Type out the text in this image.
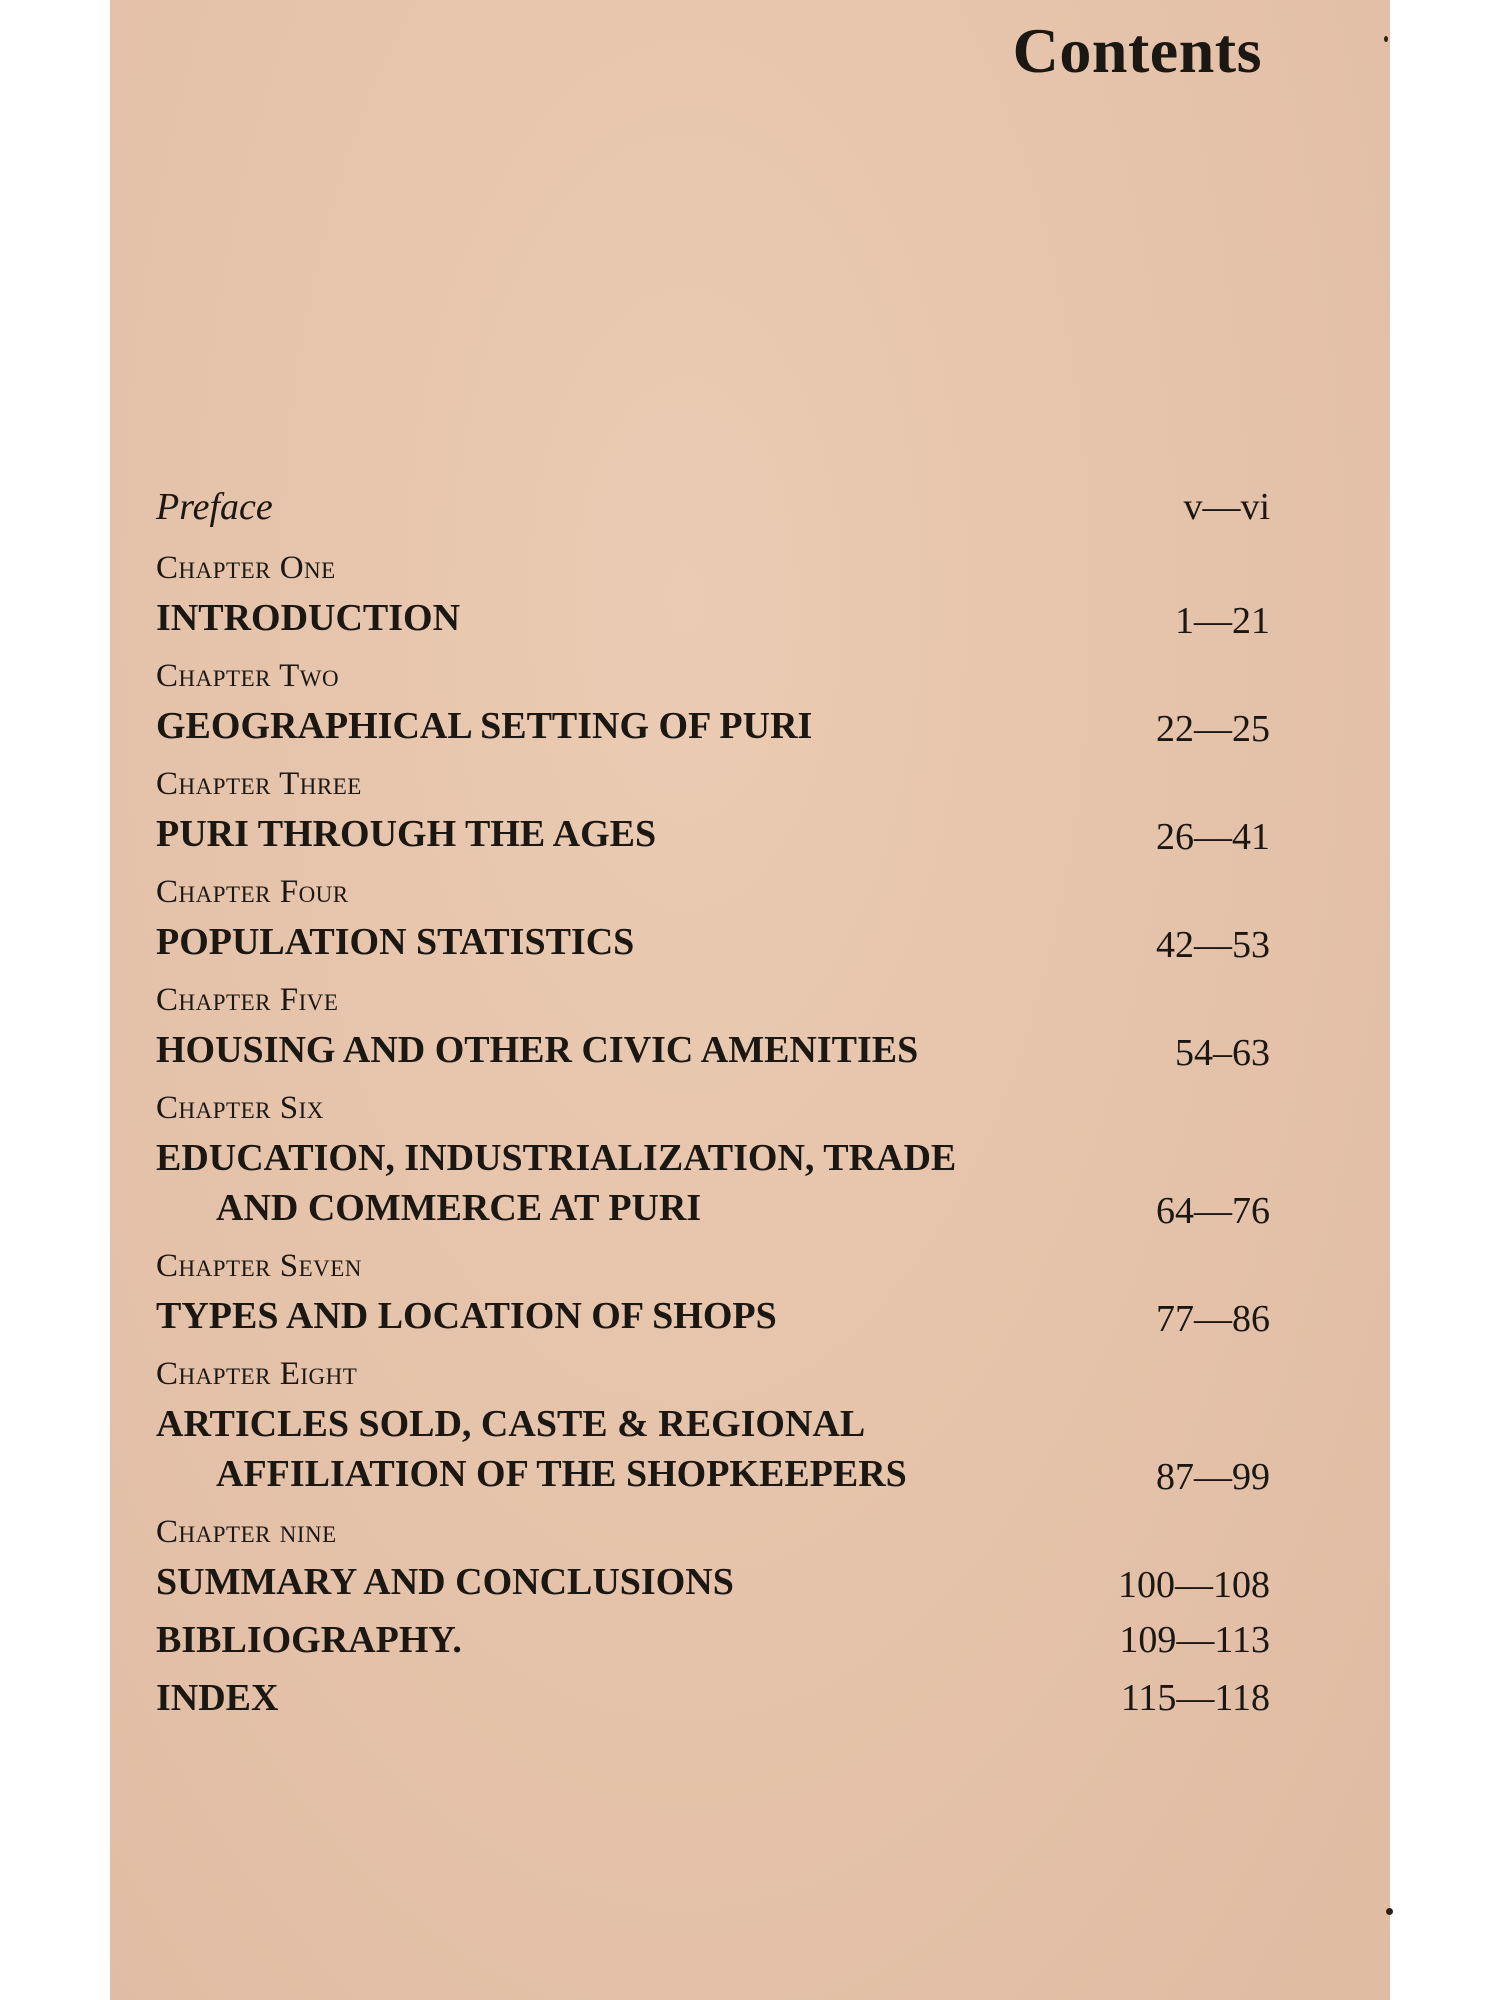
Contents
Preface	v—vi
Chapter One
INTRODUCTION	1—21
Chapter Two
GEOGRAPHICAL SETTING OF PURI	22—25
Chapter Three
PURI THROUGH THE AGES	26—41
Chapter Four
POPULATION STATISTICS	42—53
Chapter Five
HOUSING AND OTHER CIVIC AMENITIES	54–63
Chapter Six
EDUCATION, INDUSTRIALIZATION, TRADE
AND COMMERCE AT PURI	64—76
Chapter Seven
TYPES AND LOCATION OF SHOPS	77—86
Chapter Eight
ARTICLES SOLD, CASTE & REGIONAL
AFFILIATION OF THE SHOPKEEPERS	87—99
Chapter nine
SUMMARY AND CONCLUSIONS	100—108
BIBLIOGRAPHY.	109—113
INDEX	115—118
